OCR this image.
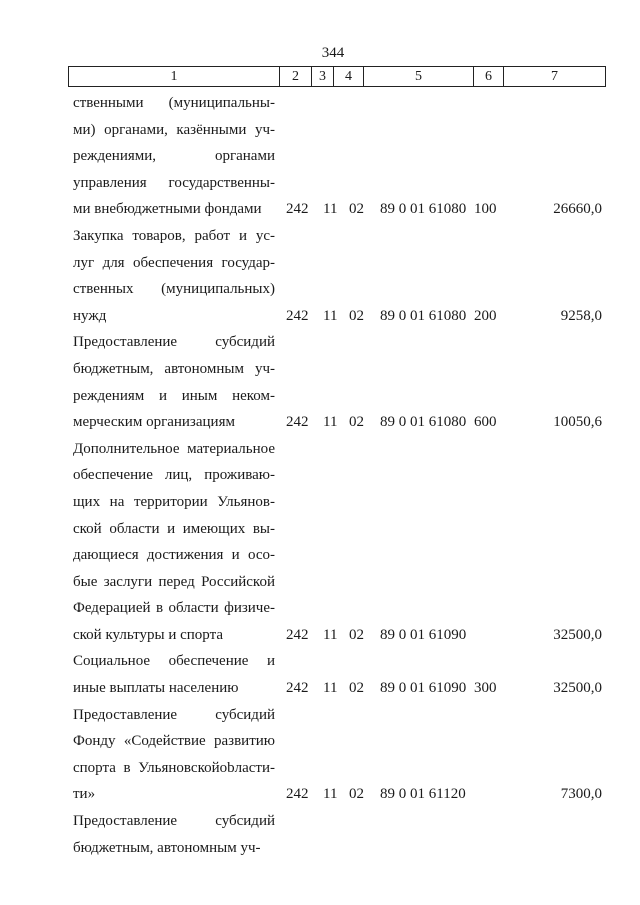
344
1	2	3	4	5	6	7
ственными (муниципальны-
ми) органами, казёнными уч-
реждениями, органами
управления государственны-
ми внебюджетными фондами	242 11 02 89 0 01 61080 100	26660,0
Закупка товаров, работ и ус-
луг для обеспечения государ-
ственных (муниципальных)
нужд	242 11 02 89 0 01 61080 200	9258,0
Предоставление субсидий
бюджетным, автономным уч-
реждениям и иным неком-
мерческим организациям	242 11 02 89 0 01 61080 600	10050,6
Дополнительное материальное
обеспечение лиц, проживаю-
щих на территории Ульянов-
ской области и имеющих вы-
дающиеся достижения и осо-
бые заслуги перед Российской
Федерацией в области физиче-
ской культуры и спорта	242 11 02 89 0 01 61090	32500,0
Социальное обеспечение и
иные выплаты населению	242 11 02 89 0 01 61090 300	32500,0
Предоставление субсидий
Фонду «Содействие развитию
спорта в Ульяновскойobласти-
ти»	242 11 02 89 0 01 61120	7300,0
Предоставление субсидий
бюджетным, автономным уч-
